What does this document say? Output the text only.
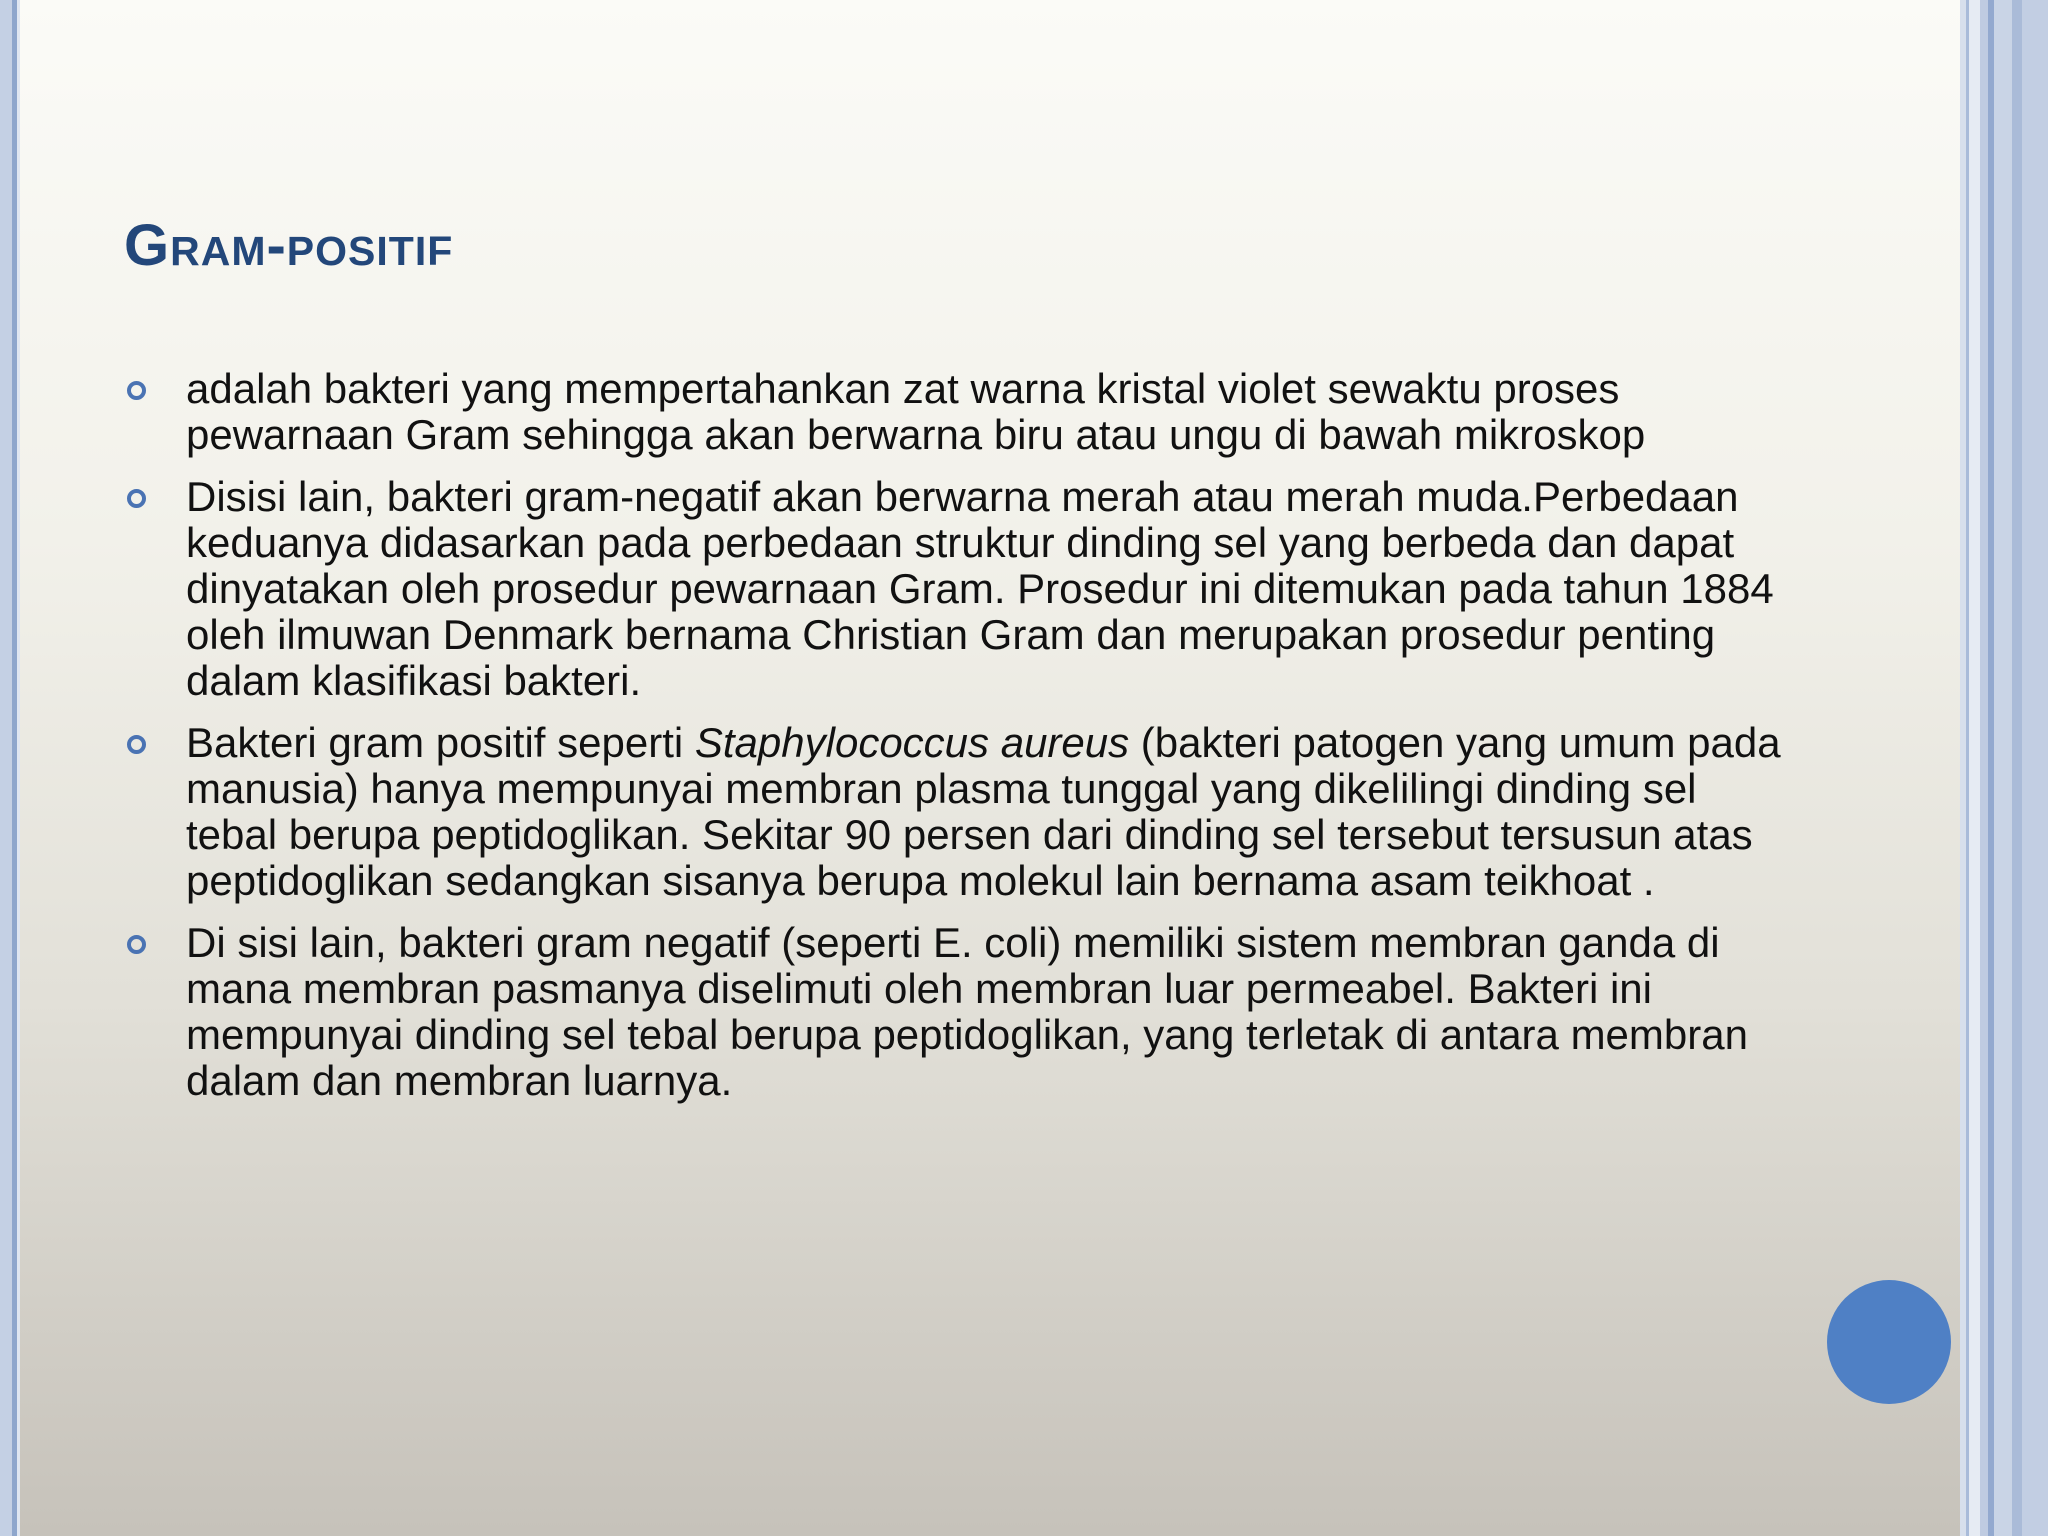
Gram-positif
adalah bakteri yang mempertahankan zat warna kristal violet sewaktu proses pewarnaan Gram sehingga akan berwarna biru atau ungu di bawah mikroskop
Disisi lain, bakteri gram-negatif akan berwarna merah atau merah muda.Perbedaan keduanya didasarkan pada perbedaan struktur dinding sel yang berbeda dan dapat dinyatakan oleh prosedur pewarnaan Gram. Prosedur ini ditemukan pada tahun 1884 oleh ilmuwan Denmark bernama Christian Gram dan merupakan prosedur penting dalam klasifikasi bakteri.
Bakteri gram positif seperti Staphylococcus aureus (bakteri patogen yang umum pada manusia) hanya mempunyai membran plasma tunggal yang dikelilingi dinding sel tebal berupa peptidoglikan. Sekitar 90 persen dari dinding sel tersebut tersusun atas peptidoglikan sedangkan sisanya berupa molekul lain bernama asam teikhoat .
Di sisi lain, bakteri gram negatif (seperti E. coli) memiliki sistem membran ganda di mana membran pasmanya diselimuti oleh membran luar permeabel. Bakteri ini mempunyai dinding sel tebal berupa peptidoglikan, yang terletak di antara membran dalam dan membran luarnya.
